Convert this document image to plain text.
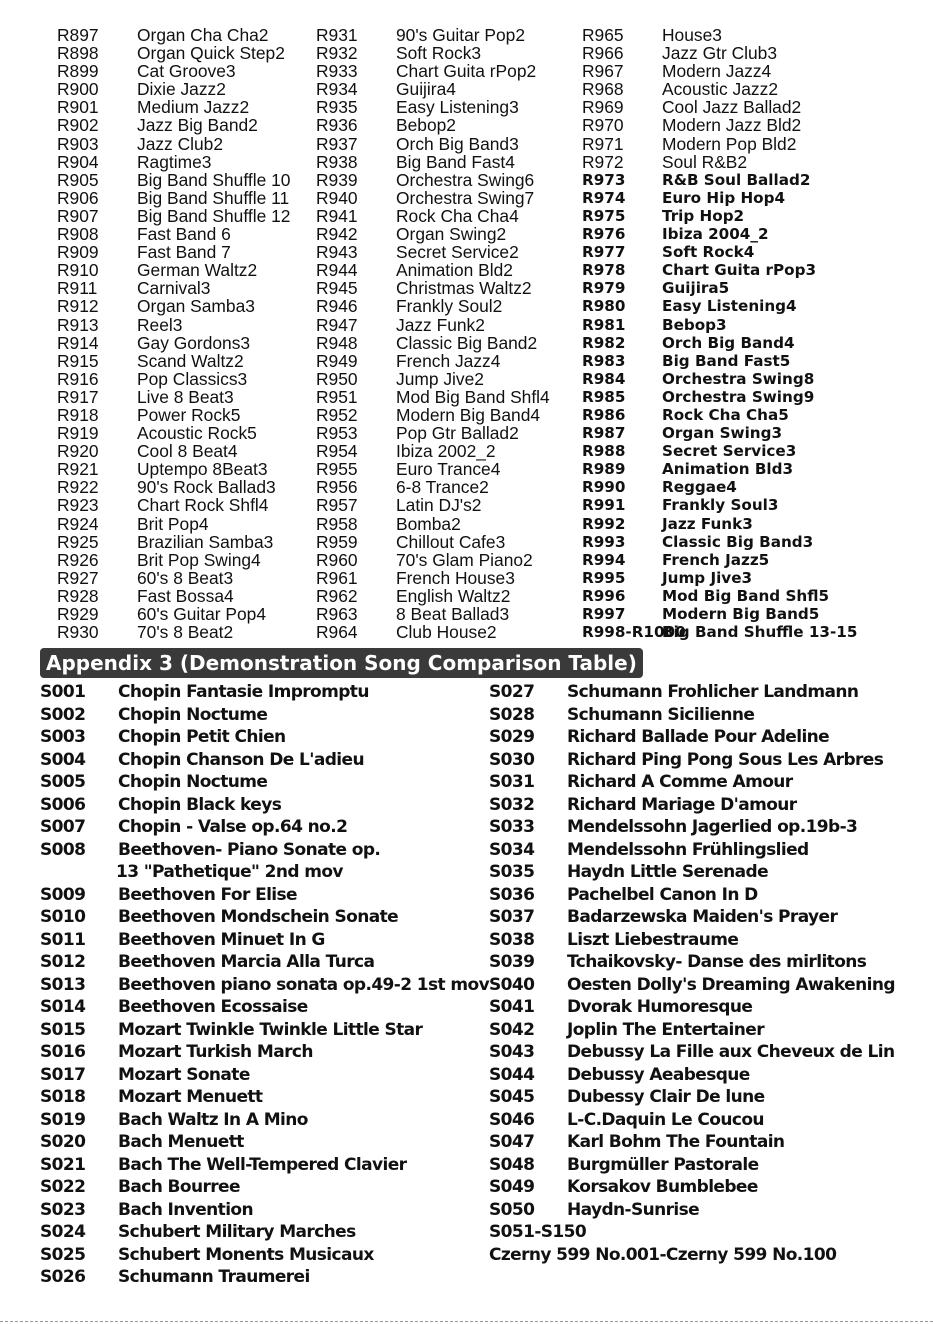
R897 Organ Cha Cha2
R898 Organ Quick Step2
R899 Cat Groove3
R900 Dixie Jazz2
R901 Medium Jazz2
R902 Jazz Big Band2
R903 Jazz Club2
R904 Ragtime3
R905 Big Band Shuffle 10
R906 Big Band Shuffle 11
R907 Big Band Shuffle 12
R908 Fast Band 6
R909 Fast Band 7
R910 German Waltz2
R911 Carnival3
R912 Organ Samba3
R913 Reel3
R914 Gay Gordons3
R915 Scand Waltz2
R916 Pop Classics3
R917 Live 8 Beat3
R918 Power Rock5
R919 Acoustic Rock5
R920 Cool 8 Beat4
R921 Uptempo 8Beat3
R922 90's Rock Ballad3
R923 Chart Rock Shfl4
R924 Brit Pop4
R925 Brazilian Samba3
R926 Brit Pop Swing4
R927 60's 8 Beat3
R928 Fast Bossa4
R929 60's Guitar Pop4
R930 70's 8 Beat2
R931 90's Guitar Pop2
R932 Soft Rock3
R933 Chart Guita rPop2
R934 Guijira4
R935 Easy Listening3
R936 Bebop2
R937 Orch Big Band3
R938 Big Band Fast4
R939 Orchestra Swing6
R940 Orchestra Swing7
R941 Rock Cha Cha4
R942 Organ Swing2
R943 Secret Service2
R944 Animation Bld2
R945 Christmas Waltz2
R946 Frankly Soul2
R947 Jazz Funk2
R948 Classic Big Band2
R949 French Jazz4
R950 Jump Jive2
R951 Mod Big Band Shfl4
R952 Modern Big Band4
R953 Pop Gtr Ballad2
R954 Ibiza 2002_2
R955 Euro Trance4
R956 6-8 Trance2
R957 Latin DJ's2
R958 Bomba2
R959 Chillout Cafe3
R960 70's Glam Piano2
R961 French House3
R962 English Waltz2
R963 8 Beat Ballad3
R964 Club House2
R965 House3
R966 Jazz Gtr Club3
R967 Modern Jazz4
R968 Acoustic Jazz2
R969 Cool Jazz Ballad2
R970 Modern Jazz Bld2
R971 Modern Pop Bld2
R972 Soul R&B2
R973 R&B Soul Ballad2
R974 Euro Hip Hop4
R975 Trip Hop2
R976 Ibiza 2004_2
R977 Soft Rock4
R978 Chart Guita rPop3
R979 Guijira5
R980 Easy Listening4
R981 Bebop3
R982 Orch Big Band4
R983 Big Band Fast5
R984 Orchestra Swing8
R985 Orchestra Swing9
R986 Rock Cha Cha5
R987 Organ Swing3
R988 Secret Service3
R989 Animation Bld3
R990 Reggae4
R991 Frankly Soul3
R992 Jazz Funk3
R993 Classic Big Band3
R994 French Jazz5
R995 Jump Jive3
R996 Mod Big Band Shfl5
R997 Modern Big Band5
R998-R1000
Big Band Shuffle 13-15
Appendix 3 (Demonstration Song Comparison Table)
S001 Chopin Fantasie Impromptu
S002 Chopin Noctume
S003 Chopin Petit Chien
S004 Chopin Chanson De L'adieu
S005 Chopin Noctume
S006 Chopin Black keys
S007 Chopin - Valse op.64 no.2
S008 Beethoven- Piano Sonate op.
13 "Pathetique" 2nd mov
S009 Beethoven For Elise
S010 Beethoven Mondschein Sonate
S011 Beethoven Minuet In G
S012 Beethoven Marcia Alla Turca
S013 Beethoven piano sonata op.49-2 1st mov
S014 Beethoven Ecossaise
S015 Mozart Twinkle Twinkle Little Star
S016 Mozart Turkish March
S017 Mozart Sonate
S018 Mozart Menuett
S019 Bach Waltz In A Mino
S020 Bach Menuett
S021 Bach The Well-Tempered Clavier
S022 Bach Bourree
S023 Bach Invention
S024 Schubert Military Marches
S025 Schubert Monents Musicaux
S026 Schumann Traumerei
S027 Schumann Frohlicher Landmann
S028 Schumann Sicilienne
S029 Richard Ballade Pour Adeline
S030 Richard Ping Pong Sous Les Arbres
S031 Richard A Comme Amour
S032 Richard Mariage D'amour
S033 Mendelssohn Jagerlied op.19b-3
S034 Mendelssohn Frühlingslied
S035 Haydn Little Serenade
S036 Pachelbel Canon In D
S037 Badarzewska Maiden's Prayer
S038 Liszt Liebestraume
S039 Tchaikovsky- Danse des mirlitons
S040 Oesten Dolly's Dreaming Awakening
S041 Dvorak Humoresque
S042 Joplin The Entertainer
S043 Debussy La Fille aux Cheveux de Lin
S044 Debussy Aeabesque
S045 Dubessy Clair De lune
S046 L-C.Daquin Le Coucou
S047 Karl Bohm The Fountain
S048 Burgmüller Pastorale
S049 Korsakov Bumblebee
S050 Haydn-Sunrise
S051-S150
Czerny 599 No.001-Czerny 599 No.100
